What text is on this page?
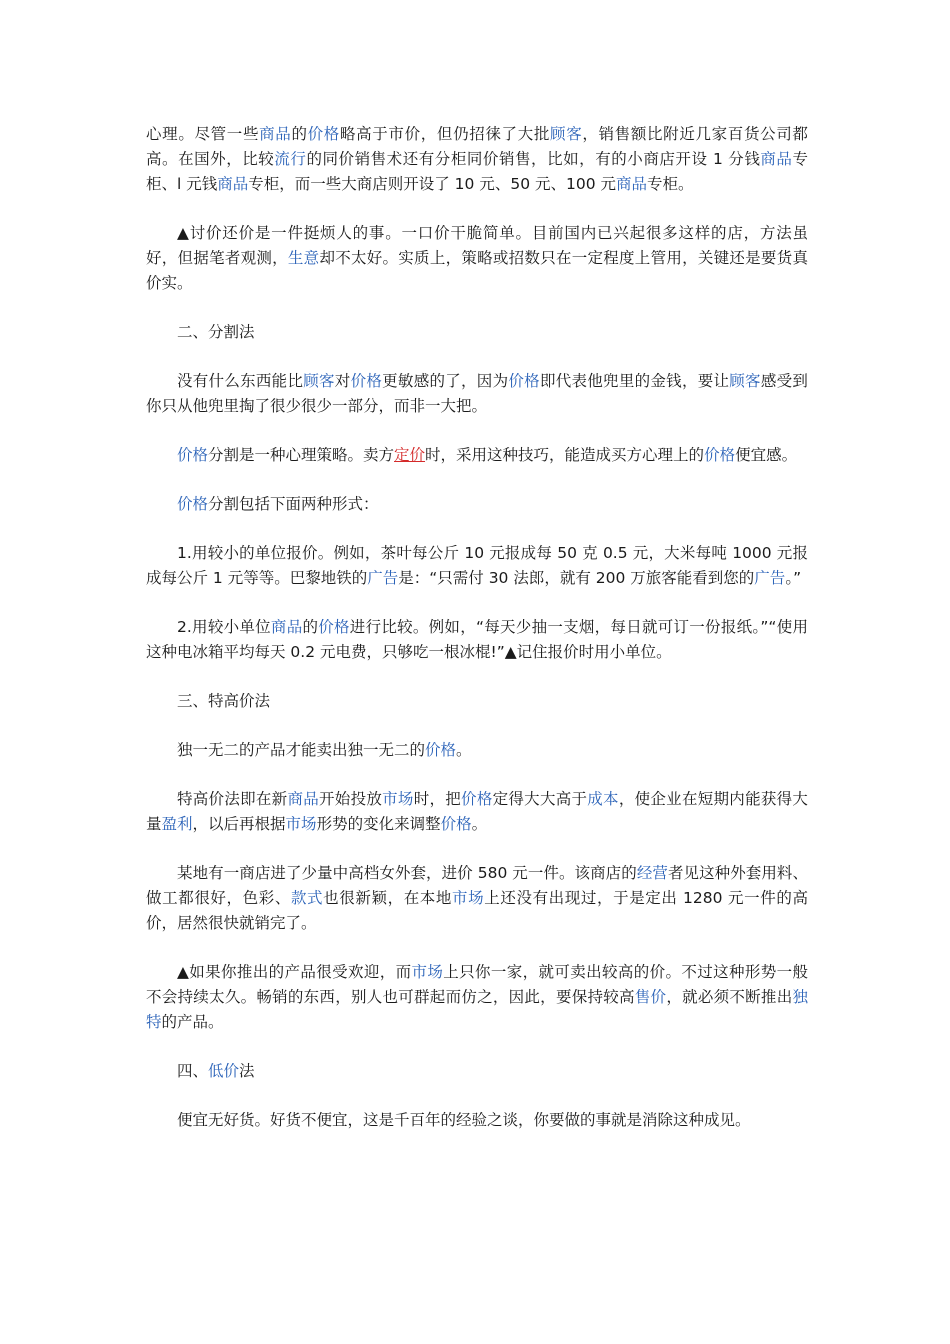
心理。尽管一些商品的价格略高于市价，但仍招徕了大批顾客，销售额比附近几家百货公司都高。在国外，比较流行的同价销售术还有分柜同价销售，比如，有的小商店开设 1 分钱商品专柜、l 元钱商品专柜，而一些大商店则开设了 10 元、50 元、100 元商品专柜。

▲讨价还价是一件挺烦人的事。一口价干脆简单。目前国内已兴起很多这样的店，方法虽好，但据笔者观测，生意却不太好。实质上，策略或招数只在一定程度上管用，关键还是要货真价实。

二、分割法

没有什么东西能比顾客对价格更敏感的了，因为价格即代表他兜里的金钱，要让顾客感受到你只从他兜里掏了很少很少一部分，而非一大把。

价格分割是一种心理策略。卖方定价时，采用这种技巧，能造成买方心理上的价格便宜感。

价格分割包括下面两种形式：

1.用较小的单位报价。例如，茶叶每公斤 10 元报成每 50 克 0.5 元，大米每吨 1000 元报成每公斤 1 元等等。巴黎地铁的广告是：“只需付 30 法郎，就有 200 万旅客能看到您的广告。”

2.用较小单位商品的价格进行比较。例如，“每天少抽一支烟，每日就可订一份报纸。”“使用这种电冰箱平均每天 0.2 元电费，只够吃一根冰棍!”▲记住报价时用小单位。

三、特高价法

独一无二的产品才能卖出独一无二的价格。

特高价法即在新商品开始投放市场时，把价格定得大大高于成本，使企业在短期内能获得大量盈利，以后再根据市场形势的变化来调整价格。

某地有一商店进了少量中高档女外套，进价 580 元一件。该商店的经营者见这种外套用料、做工都很好，色彩、款式也很新颖，在本地市场上还没有出现过，于是定出 1280 元一件的高价，居然很快就销完了。

▲如果你推出的产品很受欢迎，而市场上只你一家，就可卖出较高的价。不过这种形势一般不会持续太久。畅销的东西，别人也可群起而仿之，因此，要保持较高售价，就必须不断推出独特的产品。

四、低价法

便宜无好货。好货不便宜，这是千百年的经验之谈，你要做的事就是消除这种成见。
